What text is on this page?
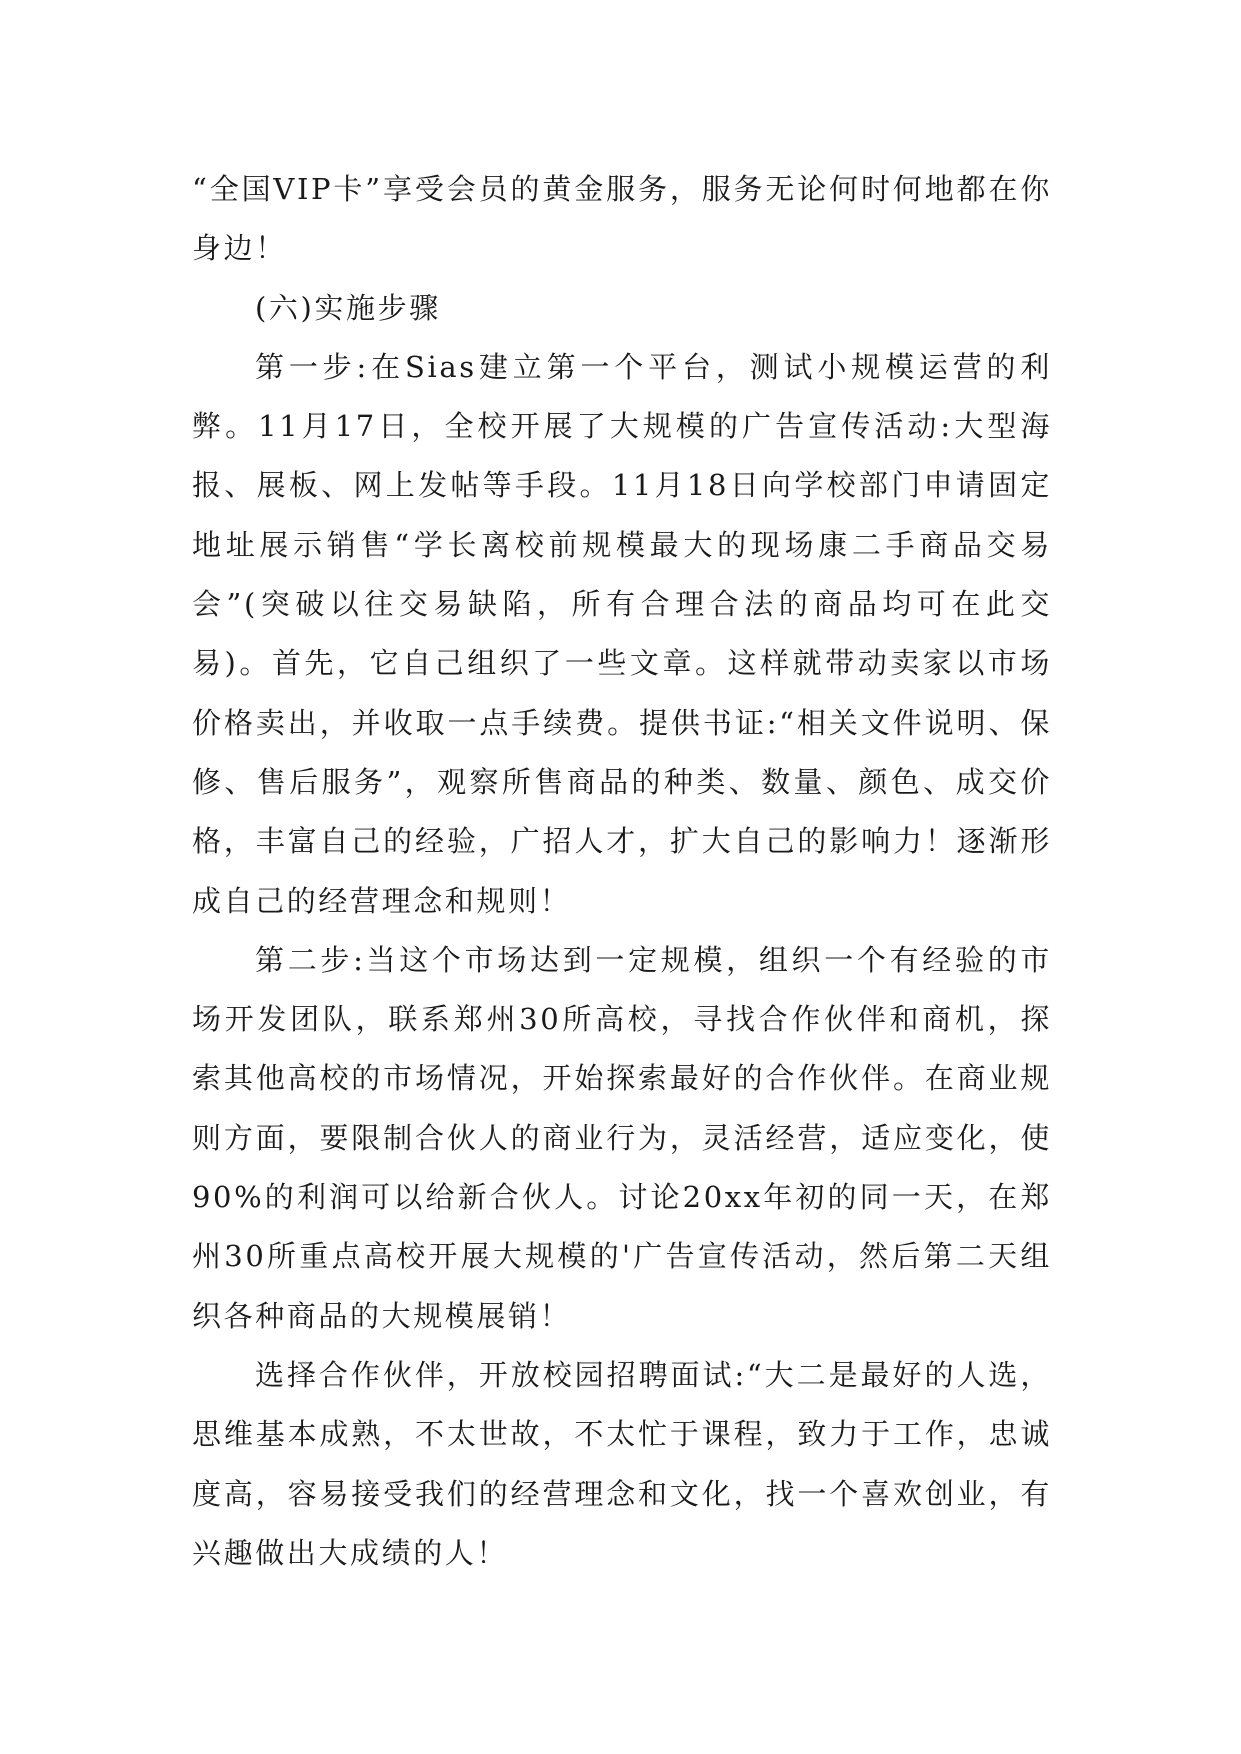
“全国VIP卡”享受会员的黄金服务，服务无论何时何地都在你身边！

(六)实施步骤

第一步:在Sias建立第一个平台，测试小规模运营的利弊。11月17日，全校开展了大规模的广告宣传活动:大型海报、展板、网上发帖等手段。11月18日向学校部门申请固定地址展示销售“学长离校前规模最大的现场康二手商品交易会”(突破以往交易缺陷，所有合理合法的商品均可在此交易)。首先，它自己组织了一些文章。这样就带动卖家以市场价格卖出，并收取一点手续费。提供书证:“相关文件说明、保修、售后服务”，观察所售商品的种类、数量、颜色、成交价格，丰富自己的经验，广招人才，扩大自己的影响力！逐渐形成自己的经营理念和规则！

第二步:当这个市场达到一定规模，组织一个有经验的市场开发团队，联系郑州30所高校，寻找合作伙伴和商机，探索其他高校的市场情况，开始探索最好的合作伙伴。在商业规则方面，要限制合伙人的商业行为，灵活经营，适应变化，使90%的利润可以给新合伙人。讨论20xx年初的同一天，在郑州30所重点高校开展大规模的'广告宣传活动，然后第二天组织各种商品的大规模展销！

选择合作伙伴，开放校园招聘面试:“大二是最好的人选，思维基本成熟，不太世故，不太忙于课程，致力于工作，忠诚度高，容易接受我们的经营理念和文化，找一个喜欢创业，有兴趣做出大成绩的人！
